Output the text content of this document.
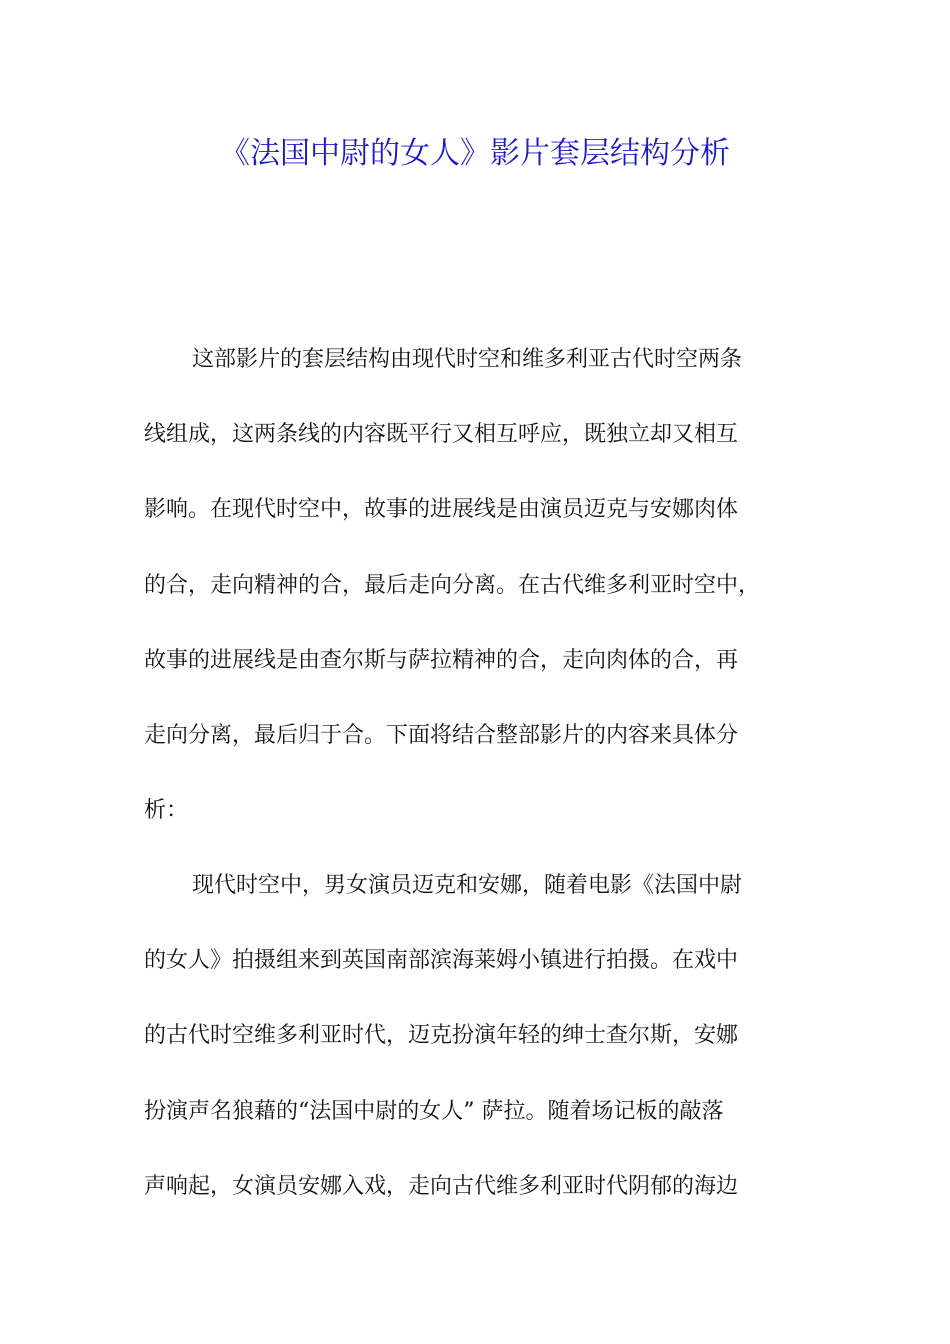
《法国中尉的女人》影片套层结构分析
这部影片的套层结构由现代时空和维多利亚古代时空两条
线组成，这两条线的内容既平行又相互呼应，既独立却又相互
影响。在现代时空中，故事的进展线是由演员迈克与安娜肉体
的合，走向精神的合，最后走向分离。在古代维多利亚时空中，
故事的进展线是由查尔斯与萨拉精神的合，走向肉体的合，再
走向分离，最后归于合。下面将结合整部影片的内容来具体分
析：
现代时空中，男女演员迈克和安娜，随着电影《法国中尉
的女人》拍摄组来到英国南部滨海莱姆小镇进行拍摄。在戏中
的古代时空维多利亚时代，迈克扮演年轻的绅士查尔斯，安娜
扮演声名狼藉的“法国中尉的女人” 萨拉。随着场记板的敲落
声响起，女演员安娜入戏，走向古代维多利亚时代阴郁的海边
